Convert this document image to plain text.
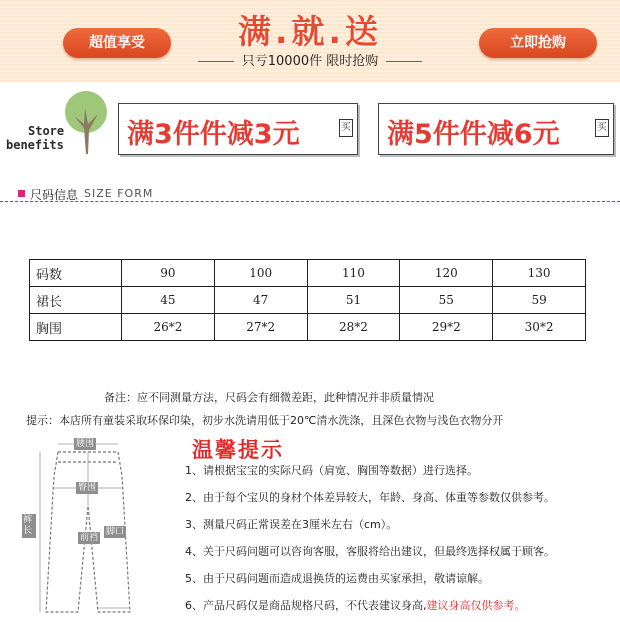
超值享受	满.就.送
只亏10000件 限时抢购
立即抢购
Store
benefits 满3件件减3元	买 满5件件减6元	买
尺码信息 SIZE FORM
码数	90	100	110	120	130
裙长	45	47	51	55	59
胸围	26*2	27*2	28*2	29*2	30*2
备注：应不同测量方法，尺码会有细微差距，此种情况并非质量情况
提示：本店所有童装采取环保印染，初步水洗请用低于20℃清水洗涤，且深色衣物与浅色衣物分开
腰围
臀围
裤长
前裆
脚口
温馨提示
1、请根据宝宝的实际尺码（肩宽、胸围等数据）进行选择。
2、由于每个宝贝的身材个体差异较大，年龄、身高、体重等参数仅供参考。
3、测量尺码正常误差在3厘米左右（cm）。
4、关于尺码问题可以咨询客服，客服将给出建议，但最终选择权属于顾客。
5、由于尺码问题而造成退换货的运费由买家承担，敬请谅解。
6、产品尺码仅是商品规格尺码，不代表建议身高,建议身高仅供参考。
